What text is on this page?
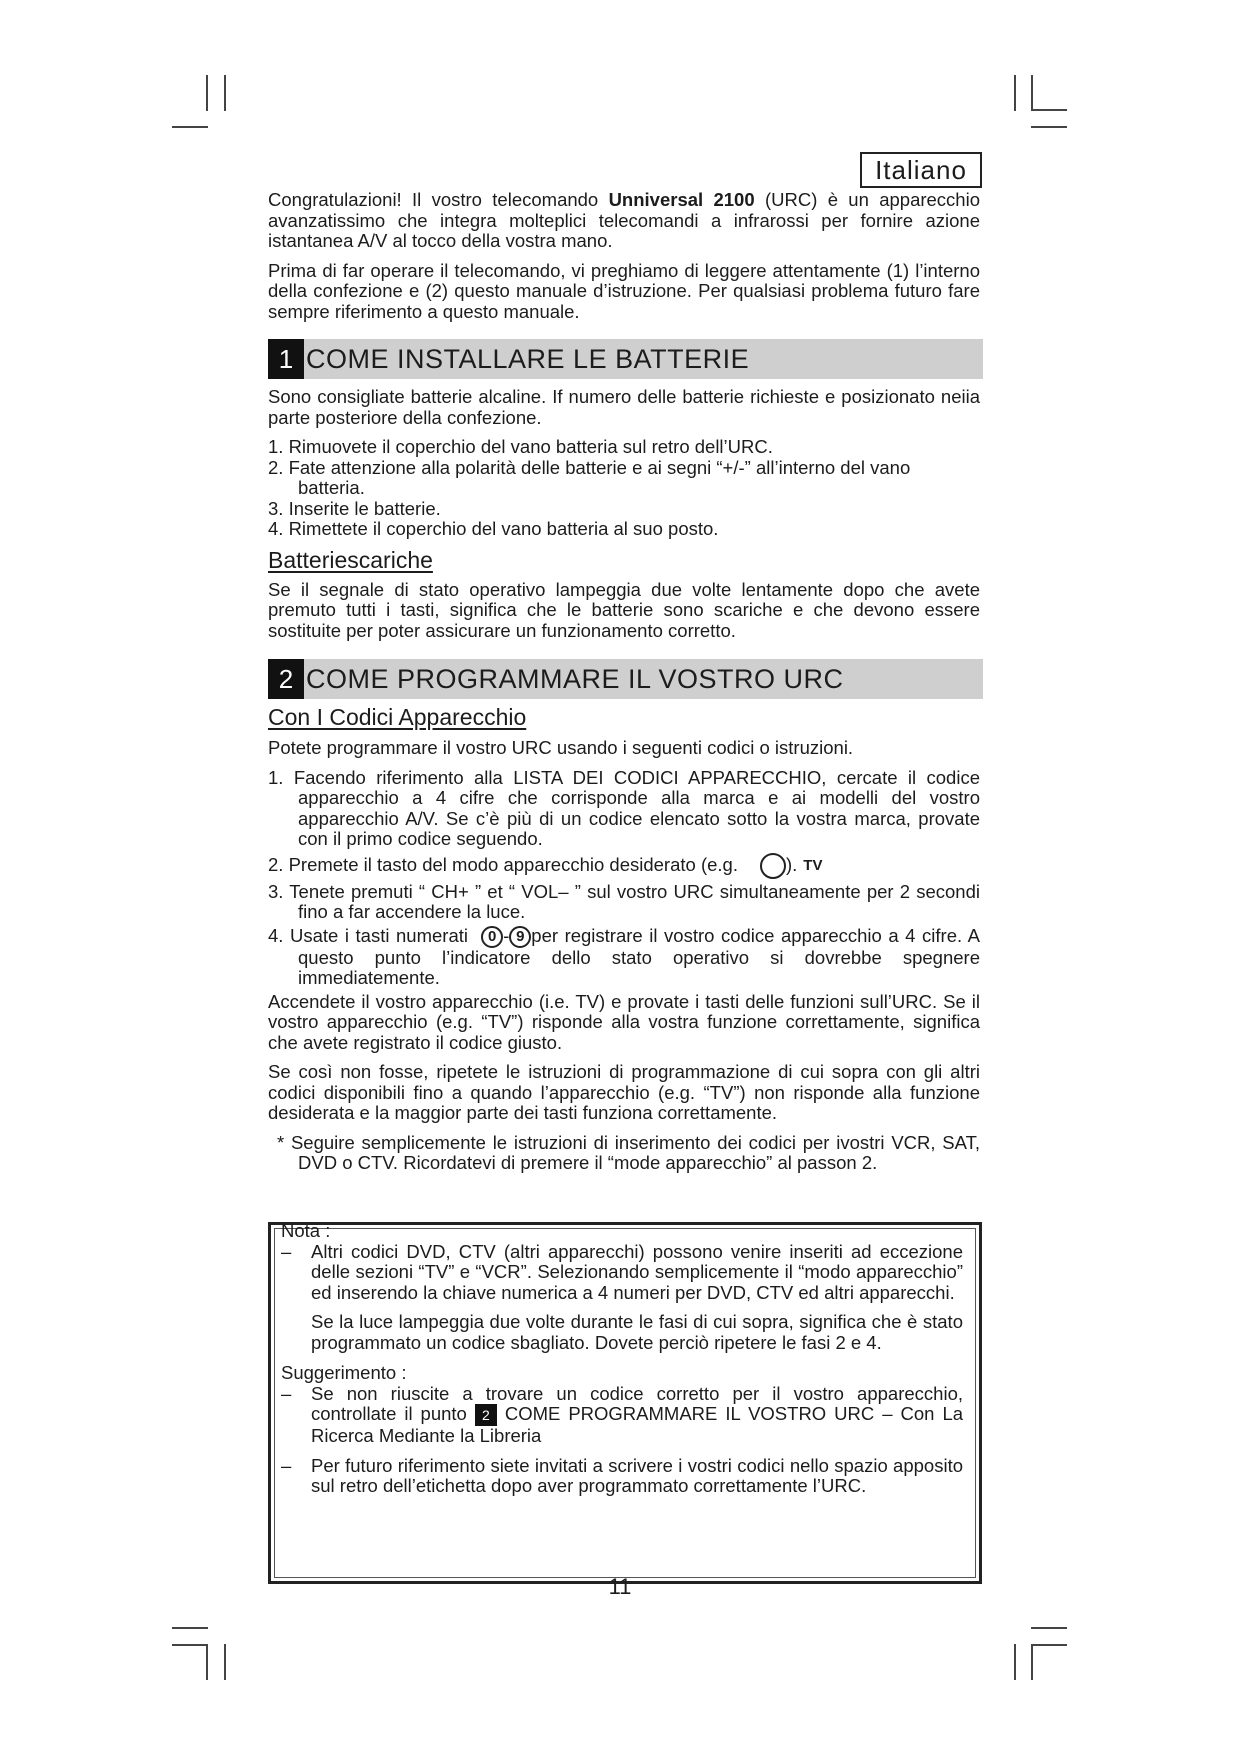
Italiano

Congratulazioni! Il vostro telecomando Unniversal 2100 (URC) è un apparecchio avanzatissimo che integra molteplici telecomandi a infrarossi per fornire azione istantanea A/V al tocco della vostra mano.

Prima di far operare il telecomando, vi preghiamo di leggere attentamente (1) l’interno della confezione e (2) questo manuale d’istruzione. Per qualsiasi problema futuro fare sempre riferimento a questo manuale.

1 COME INSTALLARE LE BATTERIE

Sono consigliate batterie alcaline. If numero delle batterie richieste e posizionato neiia parte posteriore della confezione.

1. Rimuovete il coperchio del vano batteria sul retro dell’URC.

2. Fate attenzione alla polarità delle batterie e ai segni “+/-” all’interno del vano batteria.

3. Inserite le batterie.

4. Rimettete il coperchio del vano batteria al suo posto.

Batteriescariche

Se il segnale di stato operativo lampeggia due volte lentamente dopo che avete premuto tutti i tasti, significa che le batterie sono scariche e che devono essere sostituite per poter assicurare un funzionamento corretto.

2 COME PROGRAMMARE IL VOSTRO URC

Con I Codici Apparecchio

Potete programmare il vostro URC usando i seguenti codici o istruzioni.

1. Facendo riferimento alla LISTA DEI CODICI APPARECCHIO, cercate il codice apparecchio a 4 cifre che corrisponde alla marca e ai modelli del vostro apparecchio A/V. Se c’è più di un codice elencato sotto la vostra marca, provate con il primo codice seguendo.

2. Premete il tasto del modo apparecchio desiderato (e.g.	). TV

3. Tenete premuti “ CH+ ” et “ VOL– ” sul vostro URC simultaneamente per 2 secondi fino a far accendere la luce.

4. Usate i tasti numerati 0 - 9 per registrare il vostro codice apparecchio a 4 cifre. A questo punto l’indicatore dello stato operativo si dovrebbe spegnere immediatemente.

Accendete il vostro apparecchio (i.e. TV) e provate i tasti delle funzioni sull’URC. Se il vostro apparecchio (e.g. “TV”) risponde alla vostra funzione correttamente, significa che avete registrato il codice giusto.

Se così non fosse, ripetete le istruzioni di programmazione di cui sopra con gli altri codici disponibili fino a quando l’apparecchio (e.g. “TV”) non risponde alla funzione desiderata e la maggior parte dei tasti funziona correttamente.

* Seguire semplicemente le istruzioni di inserimento dei codici per ivostri VCR, SAT, DVD o CTV. Ricordatevi di premere il “mode apparecchio” al passon 2.

Nota :

– Altri codici DVD, CTV (altri apparecchi) possono venire inseriti ad eccezione delle sezioni “TV” e “VCR”. Selezionando semplicemente il “modo apparecchio” ed inserendo la chiave numerica a 4 numeri per DVD, CTV ed altri apparecchi.

Se la luce lampeggia due volte durante le fasi di cui sopra, significa che è stato programmato un codice sbagliato. Dovete perciò ripetere le fasi 2 e 4.

Suggerimento :

– Se non riuscite a trovare un codice corretto per il vostro apparecchio, controllate il punto 2 COME PROGRAMMARE IL VOSTRO URC – Con La Ricerca Mediante la Libreria

– Per futuro riferimento siete invitati a scrivere i vostri codici nello spazio apposito sul retro dell’etichetta dopo aver programmato correttamente l’URC.

11
